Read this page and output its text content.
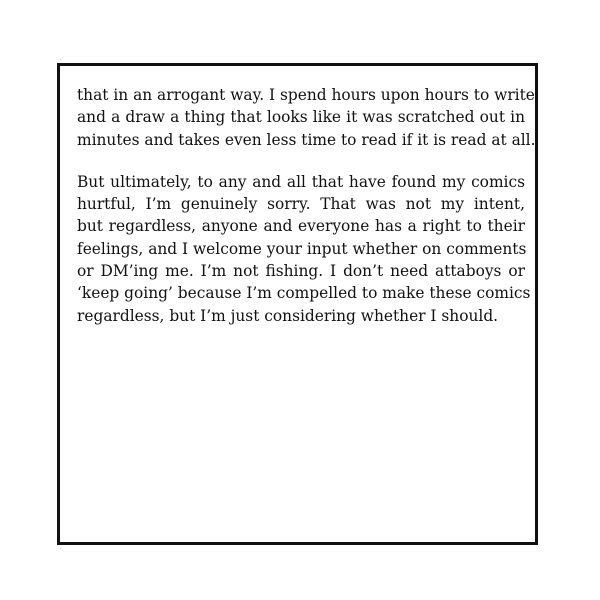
that in an arrogant way. I spend hours upon hours to write
and a draw a thing that looks like it was scratched out in
minutes and takes even less time to read if it is read at all.
But ultimately, to any and all that have found my comics
hurtful, I’m genuinely sorry. That was not my intent,
but regardless, anyone and everyone has a right to their
feelings, and I welcome your input whether on comments
or DM’ing me. I’m not fishing. I don’t need attaboys or
‘keep going’ because I’m compelled to make these comics
regardless, but I’m just considering whether I should.
